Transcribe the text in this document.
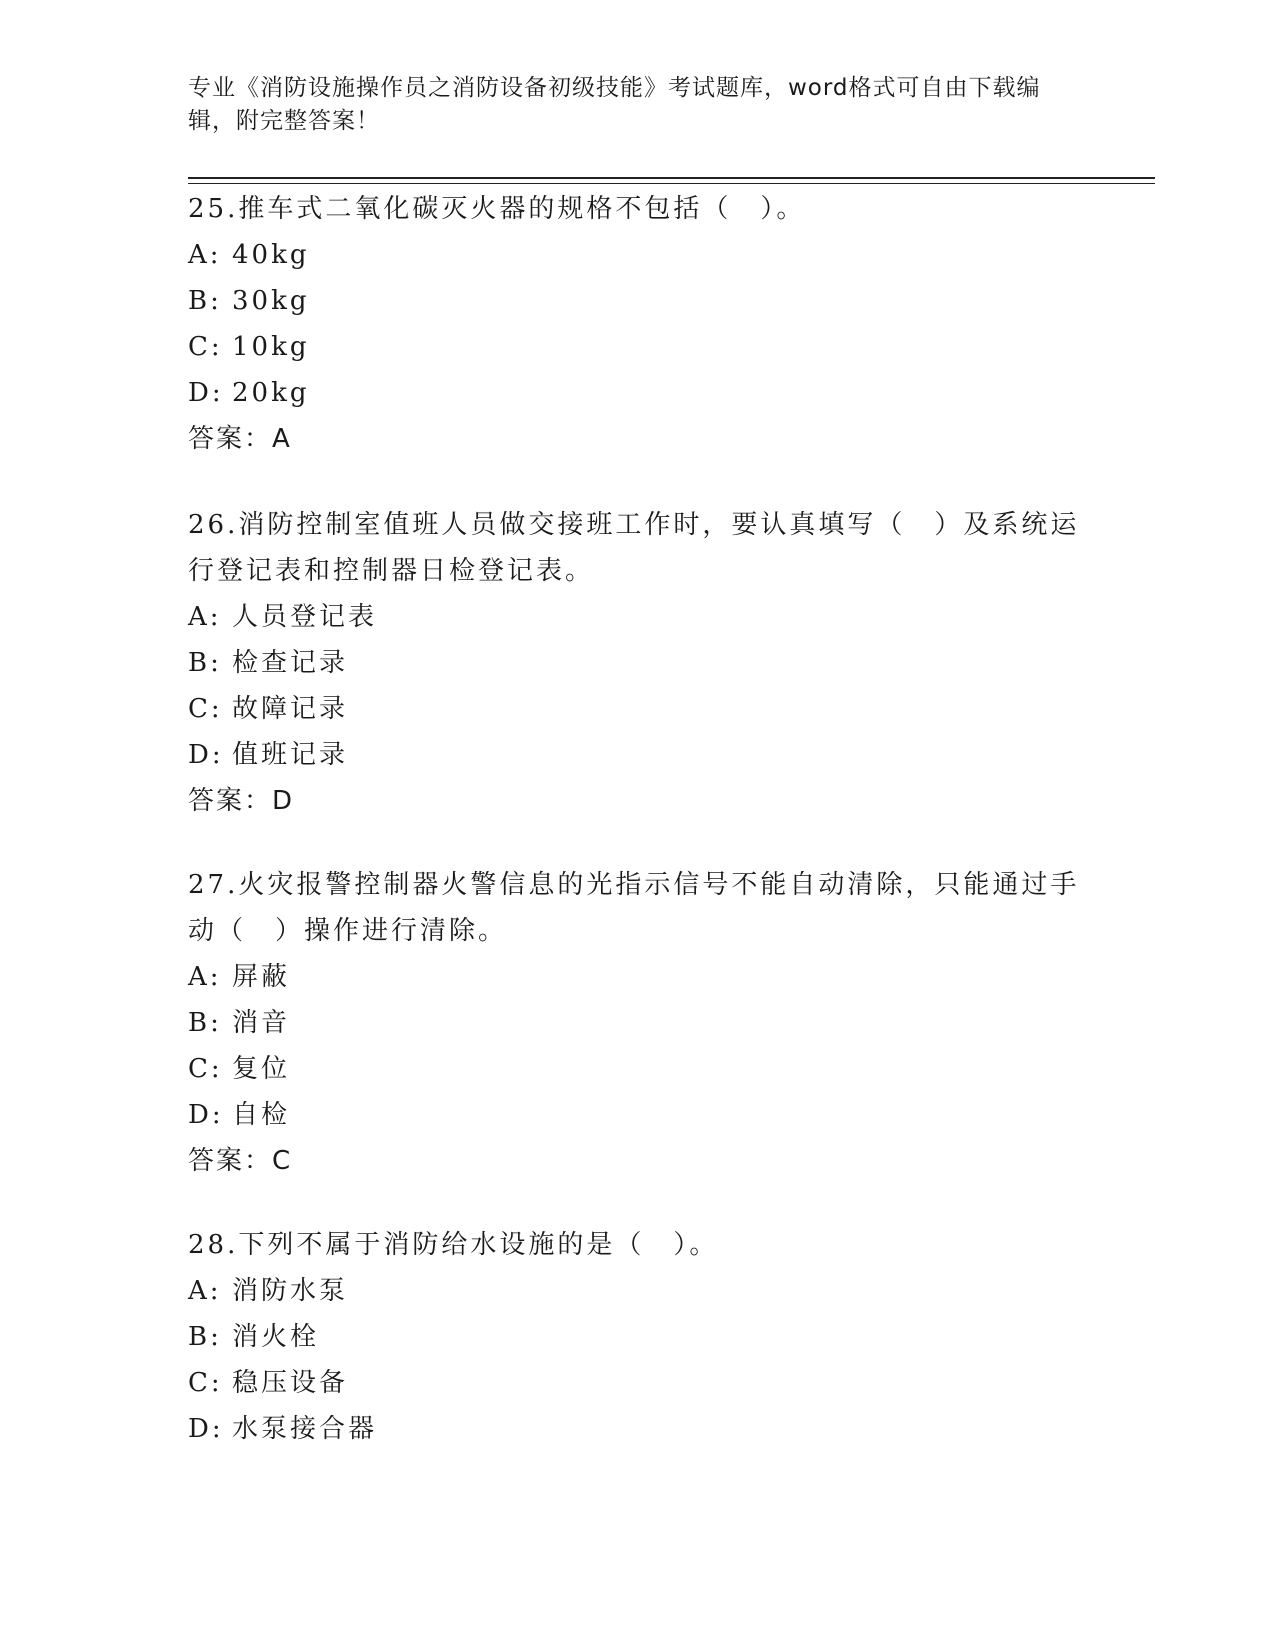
专业《消防设施操作员之消防设备初级技能》考试题库，word格式可自由下载编
辑，附完整答案！

25.推车式二氧化碳灭火器的规格不包括（　）。

A: 40kg

B: 30kg

C: 10kg

D: 20kg

答案：A

26.消防控制室值班人员做交接班工作时，要认真填写（　）及系统运

行登记表和控制器日检登记表。

A: 人员登记表

B: 检查记录

C: 故障记录

D: 值班记录

答案：D

27.火灾报警控制器火警信息的光指示信号不能自动清除，只能通过手

动（　）操作进行清除。

A: 屏蔽

B: 消音

C: 复位

D: 自检

答案：C

28.下列不属于消防给水设施的是（　）。

A: 消防水泵

B: 消火栓

C: 稳压设备

D: 水泵接合器
